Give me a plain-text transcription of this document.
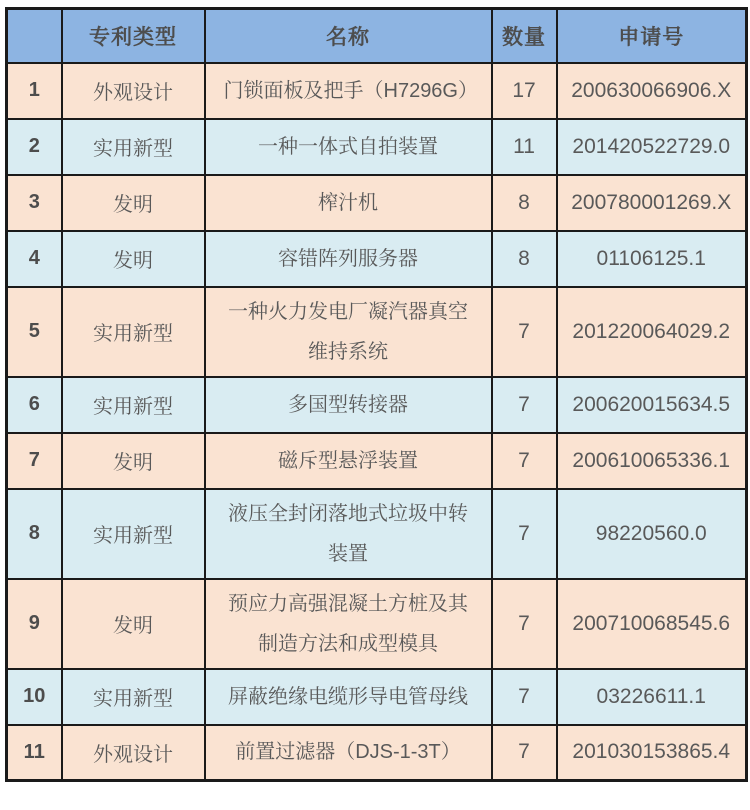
	专利类型	名称	数量	申请号
1	外观设计	门锁面板及把手（H7296G）	17	200630066906.X
2	实用新型	一种一体式自拍装置	11	201420522729.0
3	发明	榨汁机	8	200780001269.X
4	发明	容错阵列服务器	8	01106125.1
5	实用新型	一种火力发电厂凝汽器真空维持系统	7	201220064029.2
6	实用新型	多国型转接器	7	200620015634.5
7	发明	磁斥型悬浮装置	7	200610065336.1
8	实用新型	液压全封闭落地式垃圾中转装置	7	98220560.0
9	发明	预应力高强混凝土方桩及其制造方法和成型模具	7	200710068545.6
10	实用新型	屏蔽绝缘电缆形导电管母线	7	03226611.1
11	外观设计	前置过滤器（DJS-1-3T）	7	201030153865.4
